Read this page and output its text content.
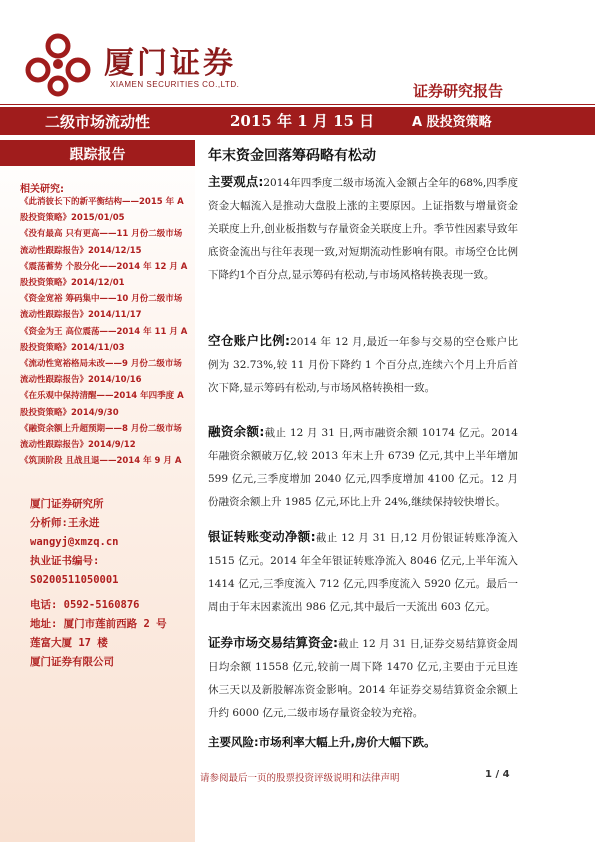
厦门证券
XIAMEN SECURITIES CO.,LTD.	证券研究报告
二级市场流动性	2015 年 1 月 15 日	A 股投资策略
跟踪报告
相关研究:
《此消彼长下的新平衡结构——2015 年 A 股投资策略》2015/01/05
《没有最高 只有更高——11 月份二级市场流动性跟踪报告》2014/12/15
《震荡蓄势 个股分化——2014 年 12 月 A 股投资策略》2014/12/01
《资金宽裕 筹码集中——10 月份二级市场流动性跟踪报告》2014/11/17
《资金为王 高位震荡——2014 年 11 月 A 股投资策略》2014/11/03
《流动性宽裕格局未改——9 月份二级市场流动性跟踪报告》2014/10/16
《在乐观中保持清醒——2014 年四季度 A 股投资策略》2014/9/30
《融资余额上升超预期——8 月份二级市场流动性跟踪报告》2014/9/12
《筑顶阶段 且战且退——2014 年 9 月 A
厦门证券研究所
分析师:王永进
wangyj@xmzq.cn
执业证书编号:
S0200511050001
电话: 0592-5160876
地址: 厦门市莲前西路 2 号
莲富大厦 17 楼
厦门证券有限公司
年末资金回落筹码略有松动
主要观点:2014年四季度二级市场流入金额占全年的68%,四季度资金大幅流入是推动大盘股上涨的主要原因。上证指数与增量资金关联度上升,创业板指数与存量资金关联度上升。季节性因素导致年底资金流出与往年表现一致,对短期流动性影响有限。市场空仓比例下降约1个百分点,显示筹码有松动,与市场风格转换表现一致。
空仓账户比例:2014 年 12 月,最近一年参与交易的空仓账户比例为 32.73%,较 11 月份下降约 1 个百分点,连续六个月上升后首次下降,显示筹码有松动,与市场风格转换相一致。
融资余额:截止 12 月 31 日,两市融资余额 10174 亿元。2014 年融资余额破万亿,较 2013 年末上升 6739 亿元,其中上半年增加 599 亿元,三季度增加 2040 亿元,四季度增加 4100 亿元。12 月份融资余额上升 1985 亿元,环比上升 24%,继续保持较快增长。
银证转账变动净额:截止 12 月 31 日,12 月份银证转账净流入 1515 亿元。2014 年全年银证转账净流入 8046 亿元,上半年流入 1414 亿元,三季度流入 712 亿元,四季度流入 5920 亿元。最后一周由于年末因素流出 986 亿元,其中最后一天流出 603 亿元。
证券市场交易结算资金:截止 12 月 31 日,证券交易结算资金周日均余额 11558 亿元,较前一周下降 1470 亿元,主要由于元旦连休三天以及新股解冻资金影响。2014 年证券交易结算资金余额上升约 6000 亿元,二级市场存量资金较为充裕。
主要风险:市场利率大幅上升,房价大幅下跌。
请参阅最后一页的股票投资评级说明和法律声明	1 / 4
